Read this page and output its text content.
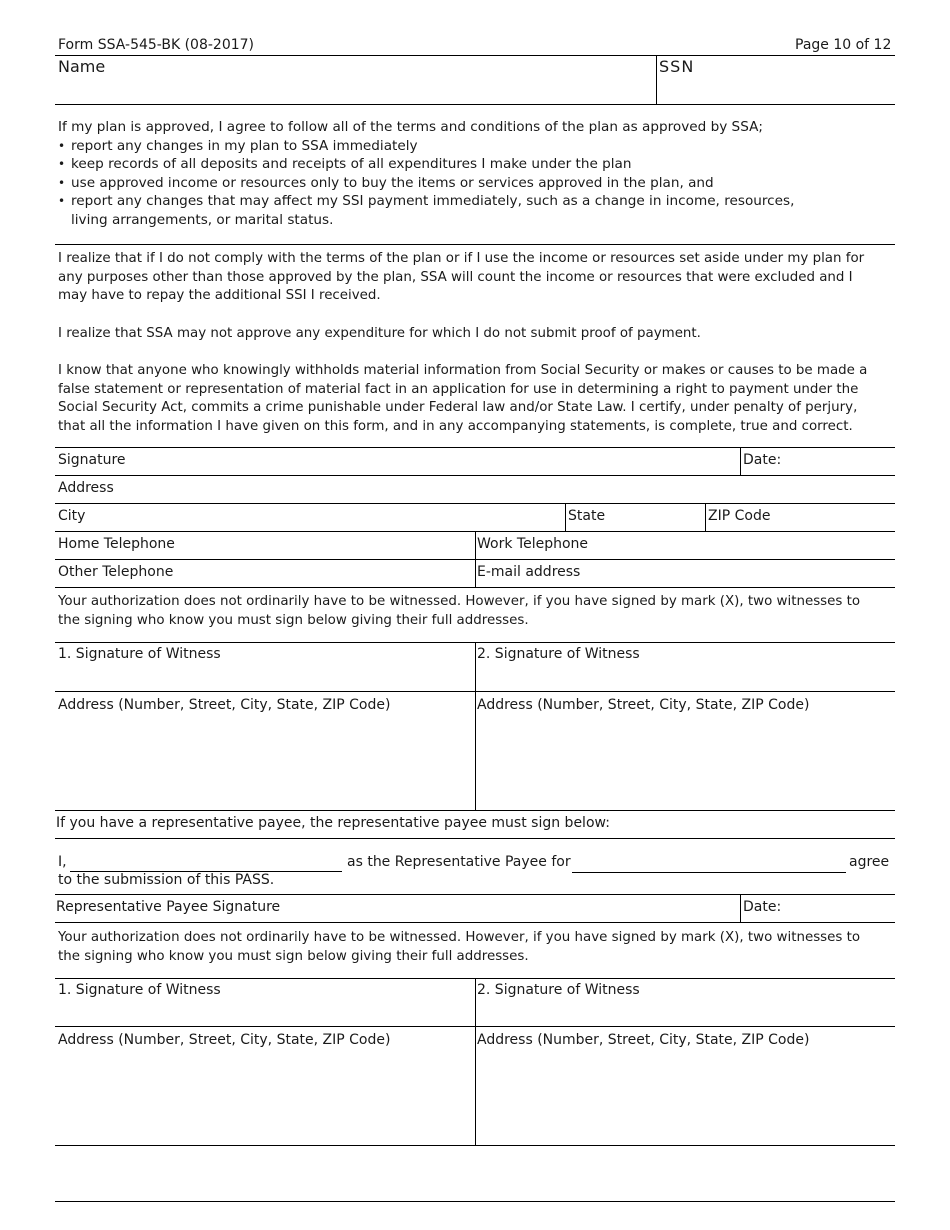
Form SSA-545-BK (08-2017)	Page 10 of 12
Name	SSN
If my plan is approved, I agree to follow all of the terms and conditions of the plan as approved by SSA;
• report any changes in my plan to SSA immediately
• keep records of all deposits and receipts of all expenditures I make under the plan
• use approved income or resources only to buy the items or services approved in the plan, and
• report any changes that may affect my SSI payment immediately, such as a change in income, resources,
living arrangements, or marital status.
I realize that if I do not comply with the terms of the plan or if I use the income or resources set aside under my plan for
any purposes other than those approved by the plan, SSA will count the income or resources that were excluded and I
may have to repay the additional SSI I received.
I realize that SSA may not approve any expenditure for which I do not submit proof of payment.
I know that anyone who knowingly withholds material information from Social Security or makes or causes to be made a
false statement or representation of material fact in an application for use in determining a right to payment under the
Social Security Act, commits a crime punishable under Federal law and/or State Law. I certify, under penalty of perjury,
that all the information I have given on this form, and in any accompanying statements, is complete, true and correct.
Signature	Date:
Address
City	State	ZIP Code
Home Telephone	Work Telephone
Other Telephone	E-mail address
Your authorization does not ordinarily have to be witnessed. However, if you have signed by mark (X), two witnesses to
the signing who know you must sign below giving their full addresses.
1. Signature of Witness	2. Signature of Witness
Address (Number, Street, City, State, ZIP Code)	Address (Number, Street, City, State, ZIP Code)
If you have a representative payee, the representative payee must sign below:
I,	as the Representative Payee for	agree
to the submission of this PASS.
Representative Payee Signature	Date:
Your authorization does not ordinarily have to be witnessed. However, if you have signed by mark (X), two witnesses to
the signing who know you must sign below giving their full addresses.
1. Signature of Witness	2. Signature of Witness
Address (Number, Street, City, State, ZIP Code)	Address (Number, Street, City, State, ZIP Code)
